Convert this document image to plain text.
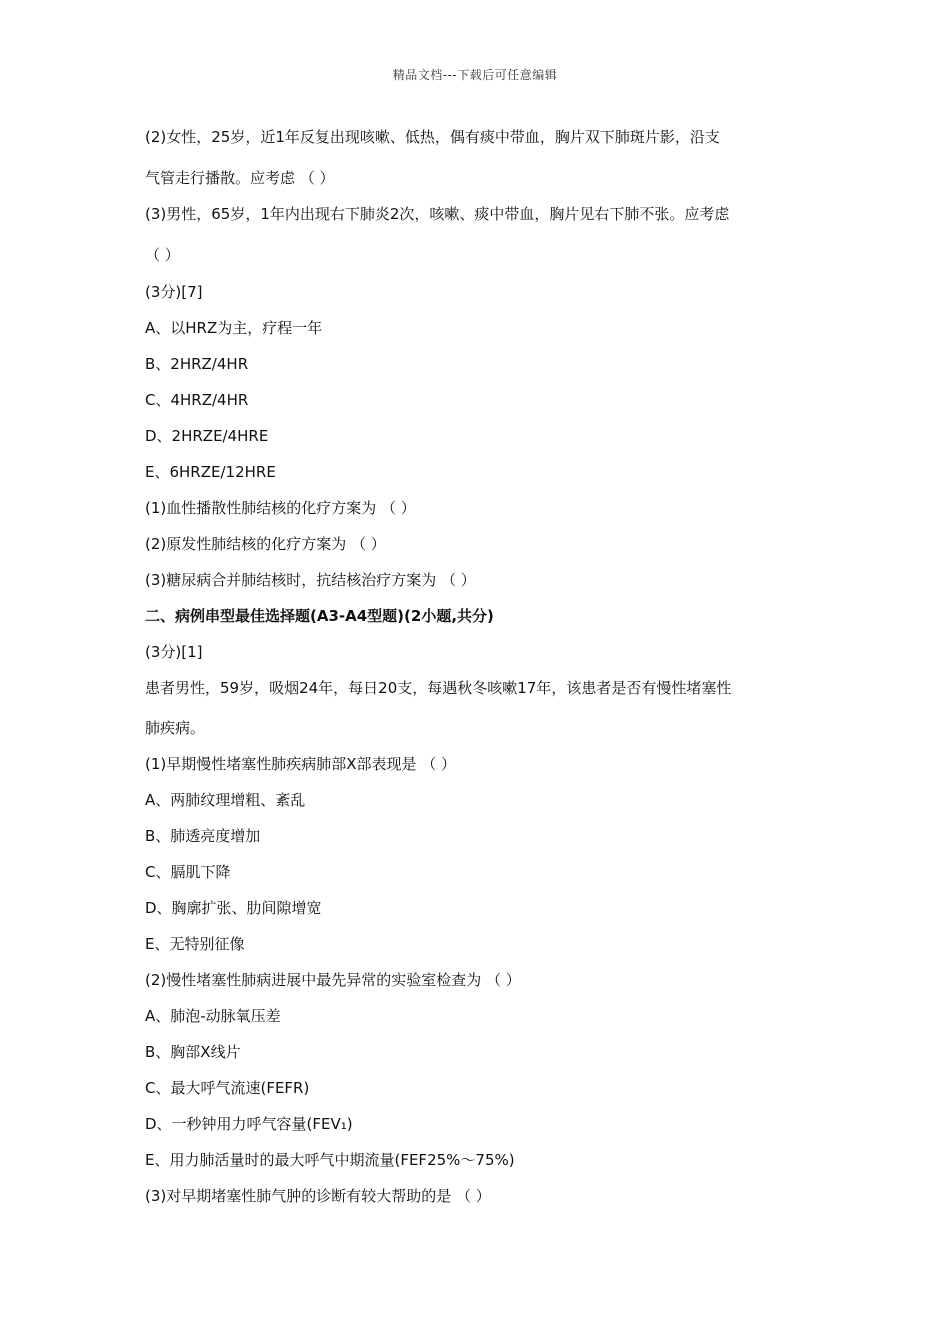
精品文档---下载后可任意编辑
(2)女性，25岁，近1年反复出现咳嗽、低热，偶有痰中带血，胸片双下肺斑片影，沿支
气管走行播散。应考虑 （ ）
(3)男性，65岁，1年内出现右下肺炎2次，咳嗽、痰中带血，胸片见右下肺不张。应考虑
（ ）
(3分)[7]
A、以HRZ为主，疗程一年
B、2HRZ/4HR
C、4HRZ/4HR
D、2HRZE/4HRE
E、6HRZE/12HRE
(1)血性播散性肺结核的化疗方案为 （ ）
(2)原发性肺结核的化疗方案为 （ ）
(3)糖尿病合并肺结核时，抗结核治疗方案为 （ ）
二、病例串型最佳选择题(A3-A4型题)(2小题,共分)
(3分)[1]
患者男性，59岁，吸烟24年，每日20支，每遇秋冬咳嗽17年，该患者是否有慢性堵塞性
肺疾病。
(1)早期慢性堵塞性肺疾病肺部X部表现是 （ ）
A、两肺纹理增粗、紊乱
B、肺透亮度增加
C、膈肌下降
D、胸廓扩张、肋间隙增宽
E、无特别征像
(2)慢性堵塞性肺病进展中最先异常的实验室检查为 （ ）
A、肺泡-动脉氧压差
B、胸部X线片
C、最大呼气流速(FEFR)
D、一秒钟用力呼气容量(FEV₁)
E、用力肺活量时的最大呼气中期流量(FEF25%～75%)
(3)对早期堵塞性肺气肿的诊断有较大帮助的是 （ ）
